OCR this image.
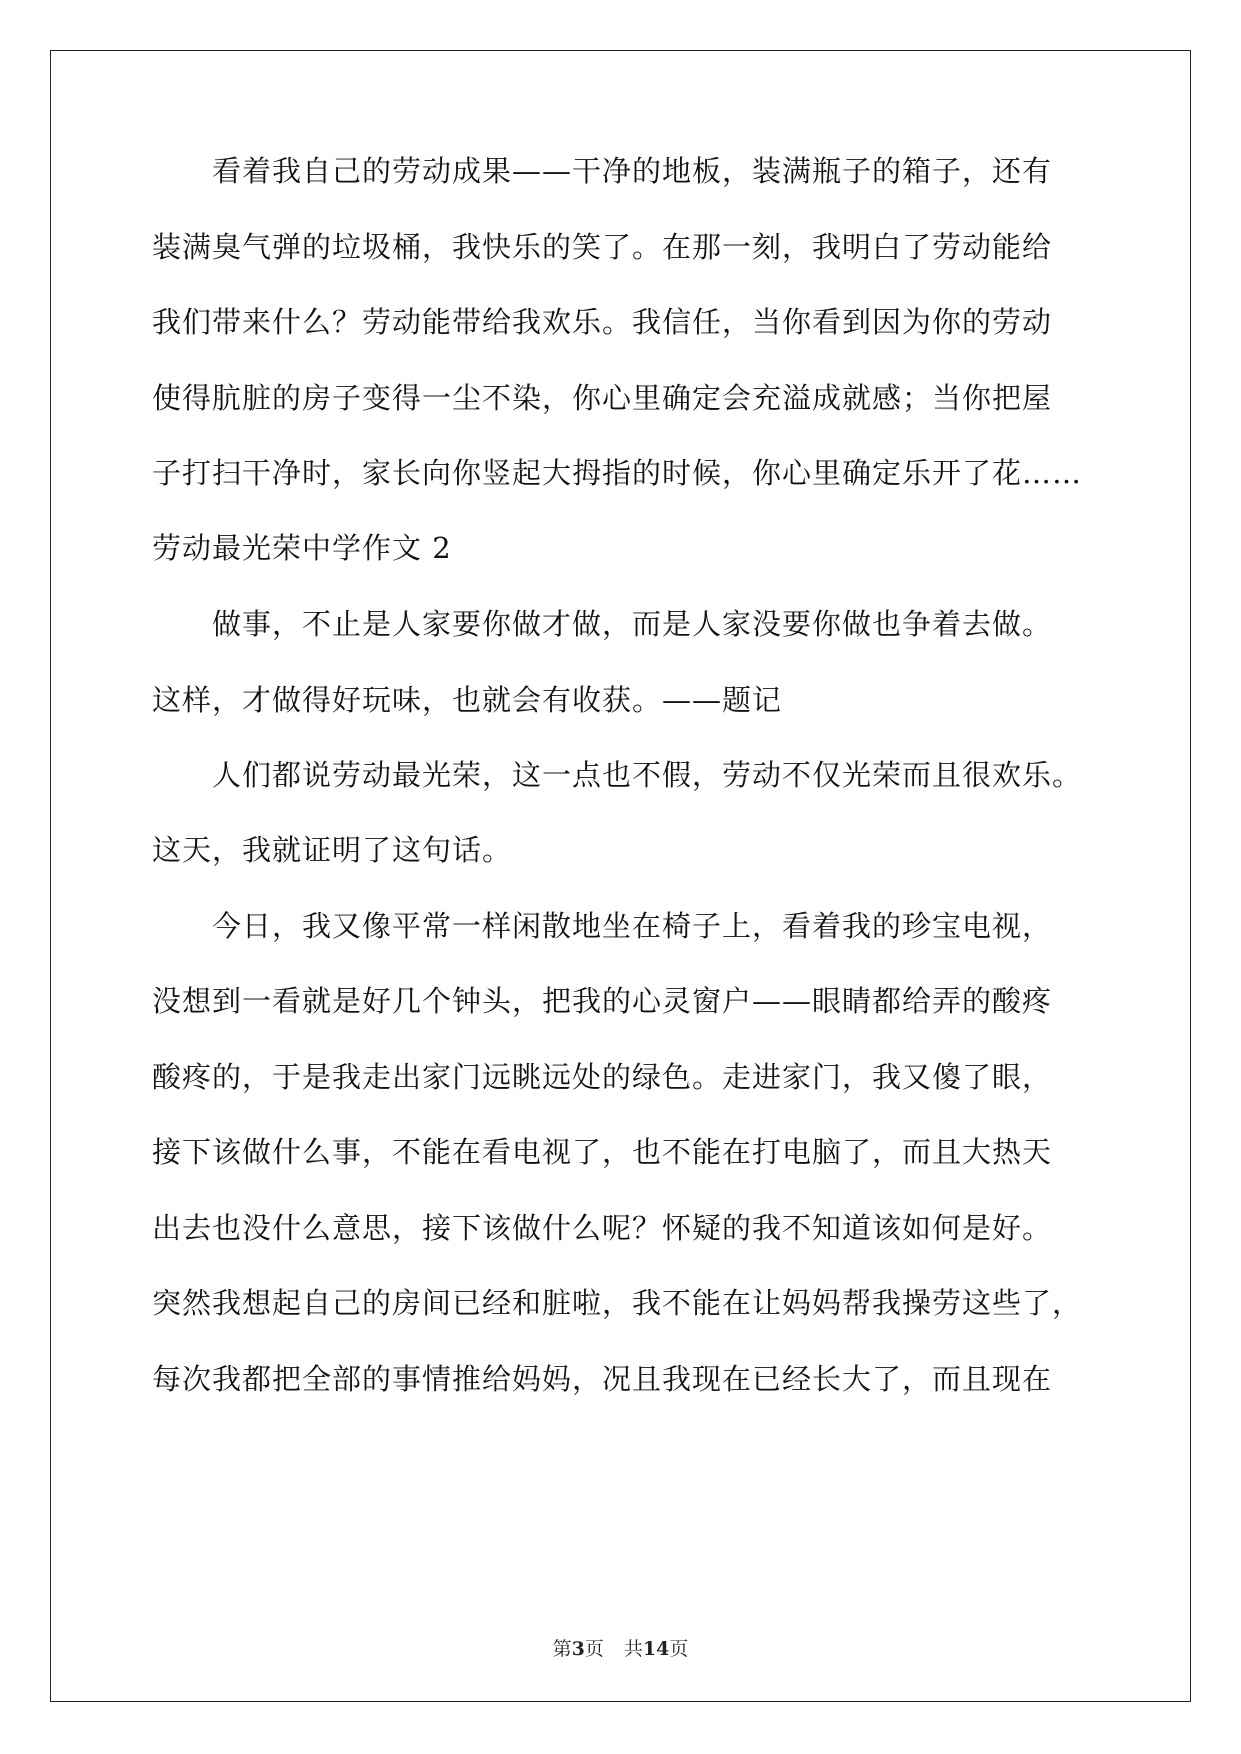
看着我自己的劳动成果——干净的地板，装满瓶子的箱子，还有
装满臭气弹的垃圾桶，我快乐的笑了。在那一刻，我明白了劳动能给
我们带来什么？劳动能带给我欢乐。我信任，当你看到因为你的劳动
使得肮脏的房子变得一尘不染，你心里确定会充溢成就感；当你把屋
子打扫干净时，家长向你竖起大拇指的时候，你心里确定乐开了花……
劳动最光荣中学作文 2
做事，不止是人家要你做才做，而是人家没要你做也争着去做。
这样，才做得好玩味，也就会有收获。——题记
人们都说劳动最光荣，这一点也不假，劳动不仅光荣而且很欢乐。
这天，我就证明了这句话。
今日，我又像平常一样闲散地坐在椅子上，看着我的珍宝电视，
没想到一看就是好几个钟头，把我的心灵窗户——眼睛都给弄的酸疼
酸疼的，于是我走出家门远眺远处的绿色。走进家门，我又傻了眼，
接下该做什么事，不能在看电视了，也不能在打电脑了，而且大热天
出去也没什么意思，接下该做什么呢？怀疑的我不知道该如何是好。
突然我想起自己的房间已经和脏啦，我不能在让妈妈帮我操劳这些了，
每次我都把全部的事情推给妈妈，况且我现在已经长大了，而且现在
第3页 共14页
